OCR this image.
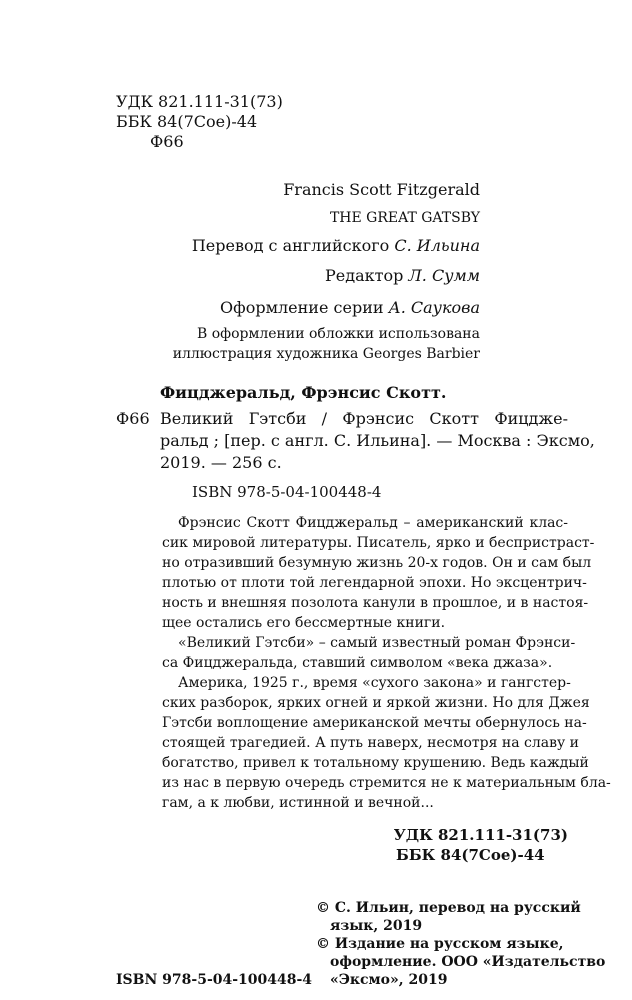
УДК 821.111-31(73)

ББК 84(7Сое)-44

Ф66

Francis Scott Fitzgerald

THE GREAT GATSBY

Перевод с английского С. Ильина

Редактор Л. Сумм

Оформление серии А. Саукова

В оформлении обложки использована

иллюстрация художника Georges Barbier

Фицджеральд, Фрэнсис Скотт.

Ф66 Великий Гэтсби / Фрэнсис Скотт Фицдже-

ральд ; [пер. с англ. С. Ильина]. — Москва : Эксмо,

2019. — 256 с.

ISBN 978-5-04-100448-4

Фрэнсис Скотт Фицджеральд – американский клас-

сик мировой литературы. Писатель, ярко и беспристраст-

но отразивший безумную жизнь 20-х годов. Он и сам был

плотью от плоти той легендарной эпохи. Но эксцентрич-

ность и внешняя позолота канули в прошлое, и в настоя-

щее остались его бессмертные книги.

«Великий Гэтсби» – самый известный роман Фрэнси-

са Фицджеральда, ставший символом «века джаза».

Америка, 1925 г., время «сухого закона» и гангстер-

ских разборок, ярких огней и яркой жизни. Но для Джея

Гэтсби воплощение американской мечты обернулось на-

стоящей трагедией. А путь наверх, несмотря на славу и

богатство, привел к тотальному крушению. Ведь каждый

из нас в первую очередь стремится не к материальным бла-

гам, а к любви, истинной и вечной...

УДК 821.111-31(73)

ББК 84(7Сое)-44

© С. Ильин, перевод на русский

язык, 2019

© Издание на русском языке,

оформление. ООО «Издательство

«Эксмо», 2019

ISBN 978-5-04-100448-4
